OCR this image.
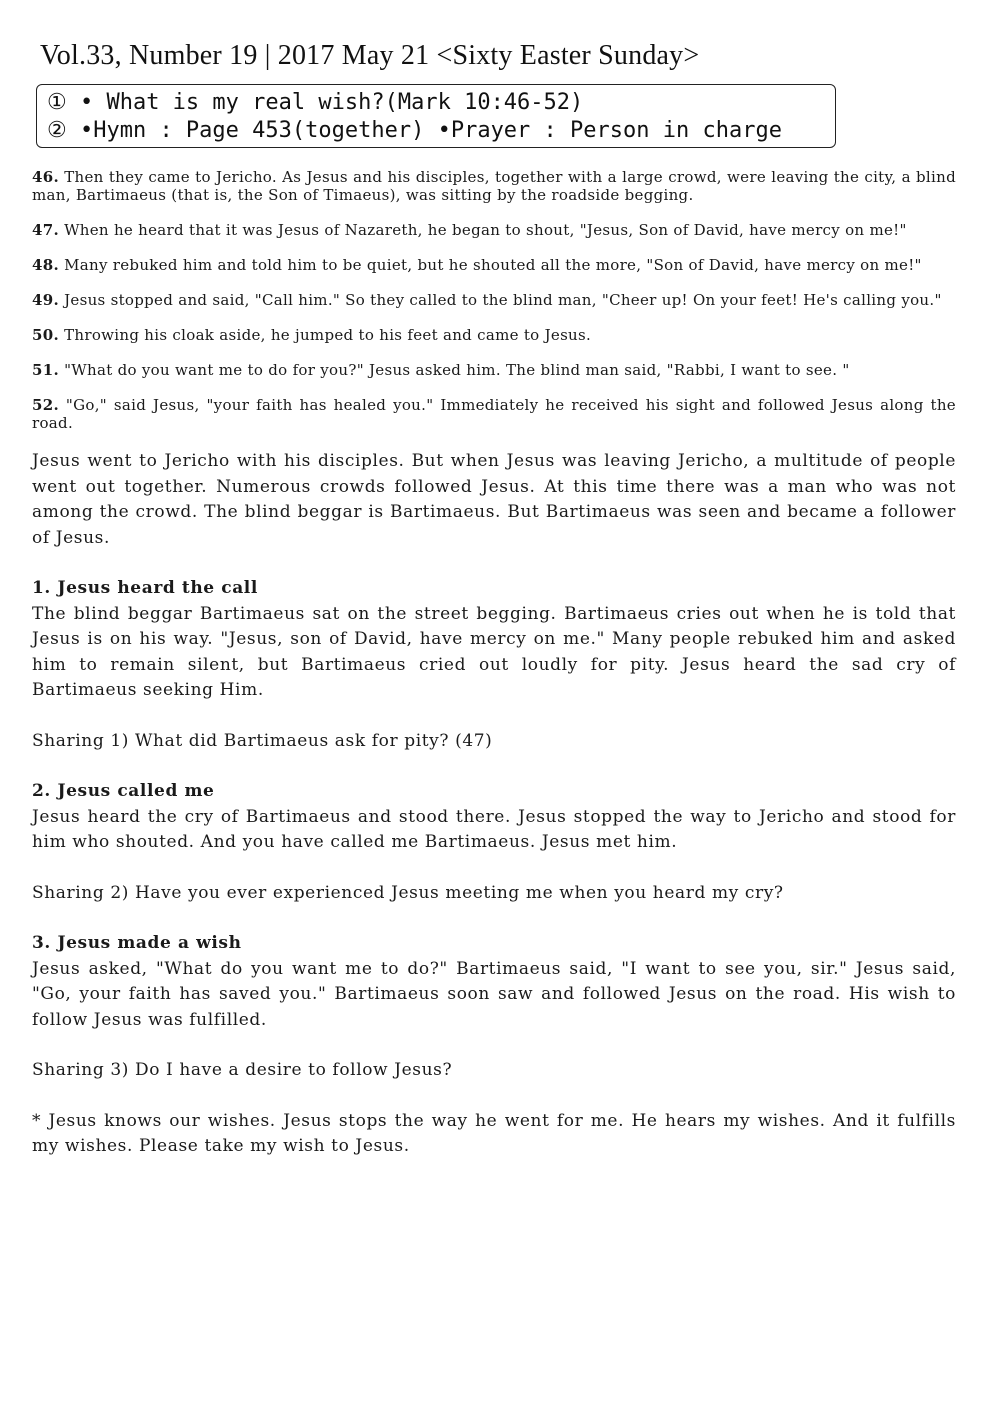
Vol.33, Number 19 | 2017 May 21 <Sixty Easter Sunday>
① • What is my real wish?(Mark 10:46-52)
② •Hymn : Page 453(together) •Prayer : Person in charge

46. Then they came to Jericho. As Jesus and his disciples, together with a large crowd, were leaving the city, a blind man, Bartimaeus (that is, the Son of Timaeus), was sitting by the roadside begging.

47. When he heard that it was Jesus of Nazareth, he began to shout, "Jesus, Son of David, have mercy on me!"

48. Many rebuked him and told him to be quiet, but he shouted all the more, "Son of David, have mercy on me!"

49. Jesus stopped and said, "Call him." So they called to the blind man, "Cheer up! On your feet! He's calling you."

50. Throwing his cloak aside, he jumped to his feet and came to Jesus.

51. "What do you want me to do for you?" Jesus asked him. The blind man said, "Rabbi, I want to see. "

52. "Go," said Jesus, "your faith has healed you." Immediately he received his sight and followed Jesus along the road.

Jesus went to Jericho with his disciples. But when Jesus was leaving Jericho, a multitude of people went out together. Numerous crowds followed Jesus. At this time there was a man who was not among the crowd. The blind beggar is Bartimaeus. But Bartimaeus was seen and became a follower of Jesus.

1. Jesus heard the call

The blind beggar Bartimaeus sat on the street begging. Bartimaeus cries out when he is told that Jesus is on his way. "Jesus, son of David, have mercy on me." Many people rebuked him and asked him to remain silent, but Bartimaeus cried out loudly for pity. Jesus heard the sad cry of Bartimaeus seeking Him.

Sharing 1) What did Bartimaeus ask for pity? (47)
2. Jesus called me

Jesus heard the cry of Bartimaeus and stood there. Jesus stopped the way to Jericho and stood for him who shouted. And you have called me Bartimaeus. Jesus met him.

Sharing 2) Have you ever experienced Jesus meeting me when you heard my cry?
3. Jesus made a wish

Jesus asked, "What do you want me to do?" Bartimaeus said, "I want to see you, sir." Jesus said, "Go, your faith has saved you." Bartimaeus soon saw and followed Jesus on the road. His wish to follow Jesus was fulfilled.

Sharing 3) Do I have a desire to follow Jesus?

* Jesus knows our wishes. Jesus stops the way he went for me. He hears my wishes. And it fulfills my wishes. Please take my wish to Jesus.
